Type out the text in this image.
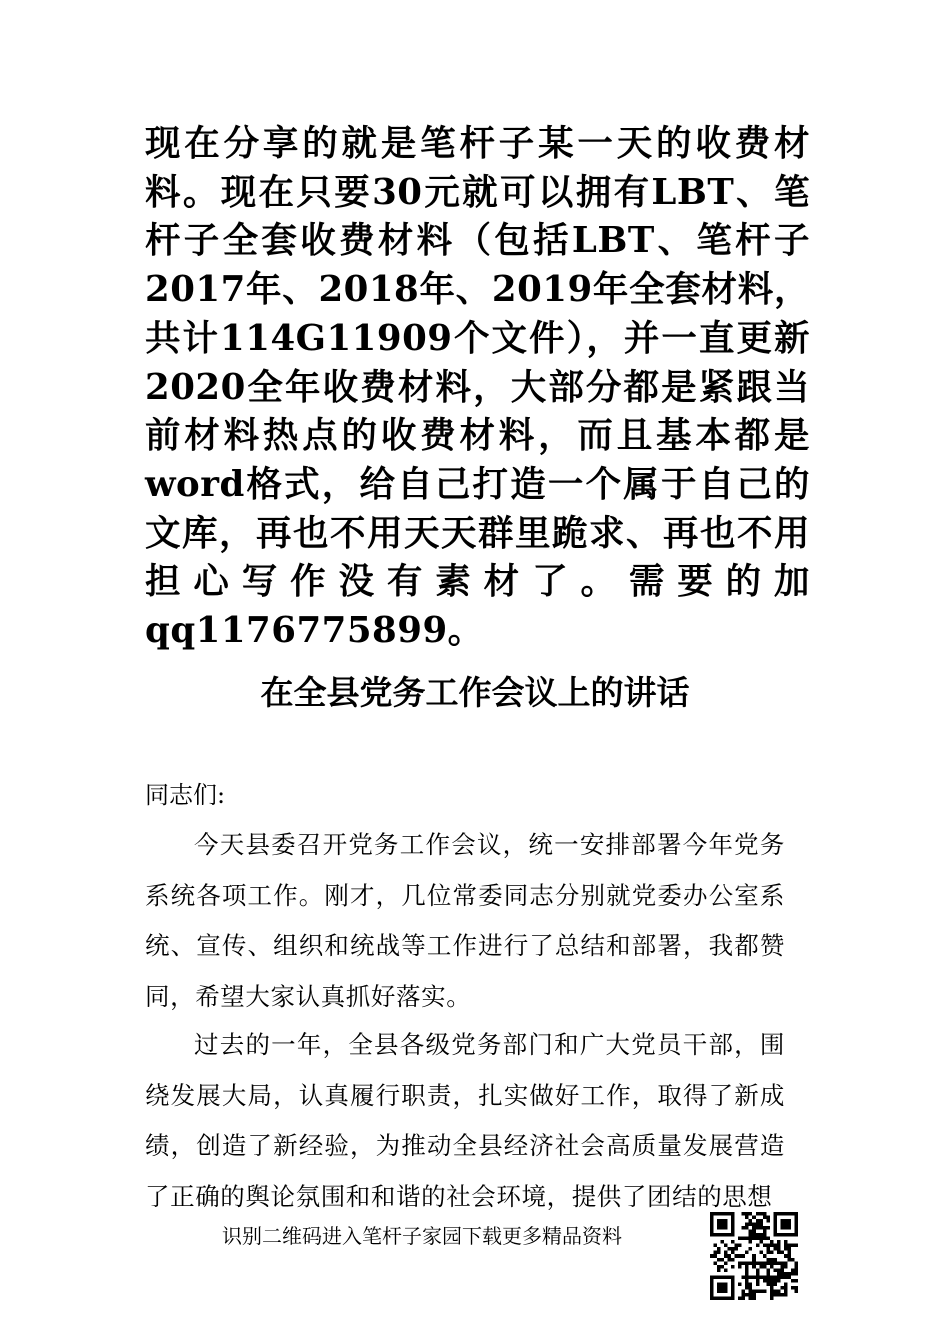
现在分享的就是笔杆子某一天的收费材料。现在只要30元就可以拥有LBT、笔杆子全套收费材料（包括LBT、笔杆子2017年、2018年、2019年全套材料，共计114G11909个文件），并一直更新2020全年收费材料，大部分都是紧跟当前材料热点的收费材料，而且基本都是word格式，给自己打造一个属于自己的文库，再也不用天天群里跪求、再也不用担心写作没有素材了。需要的加qq1176775899。

在全县党务工作会议上的讲话

同志们:

今天县委召开党务工作会议，统一安排部署今年党务系统各项工作。刚才，几位常委同志分别就党委办公室系统、宣传、组织和统战等工作进行了总结和部署，我都赞同，希望大家认真抓好落实。

过去的一年，全县各级党务部门和广大党员干部，围绕发展大局，认真履行职责，扎实做好工作，取得了新成绩，创造了新经验，为推动全县经济社会高质量发展营造了正确的舆论氛围和和谐的社会环境，提供了团结的思想

识别二维码进入笔杆子家园下载更多精品资料
